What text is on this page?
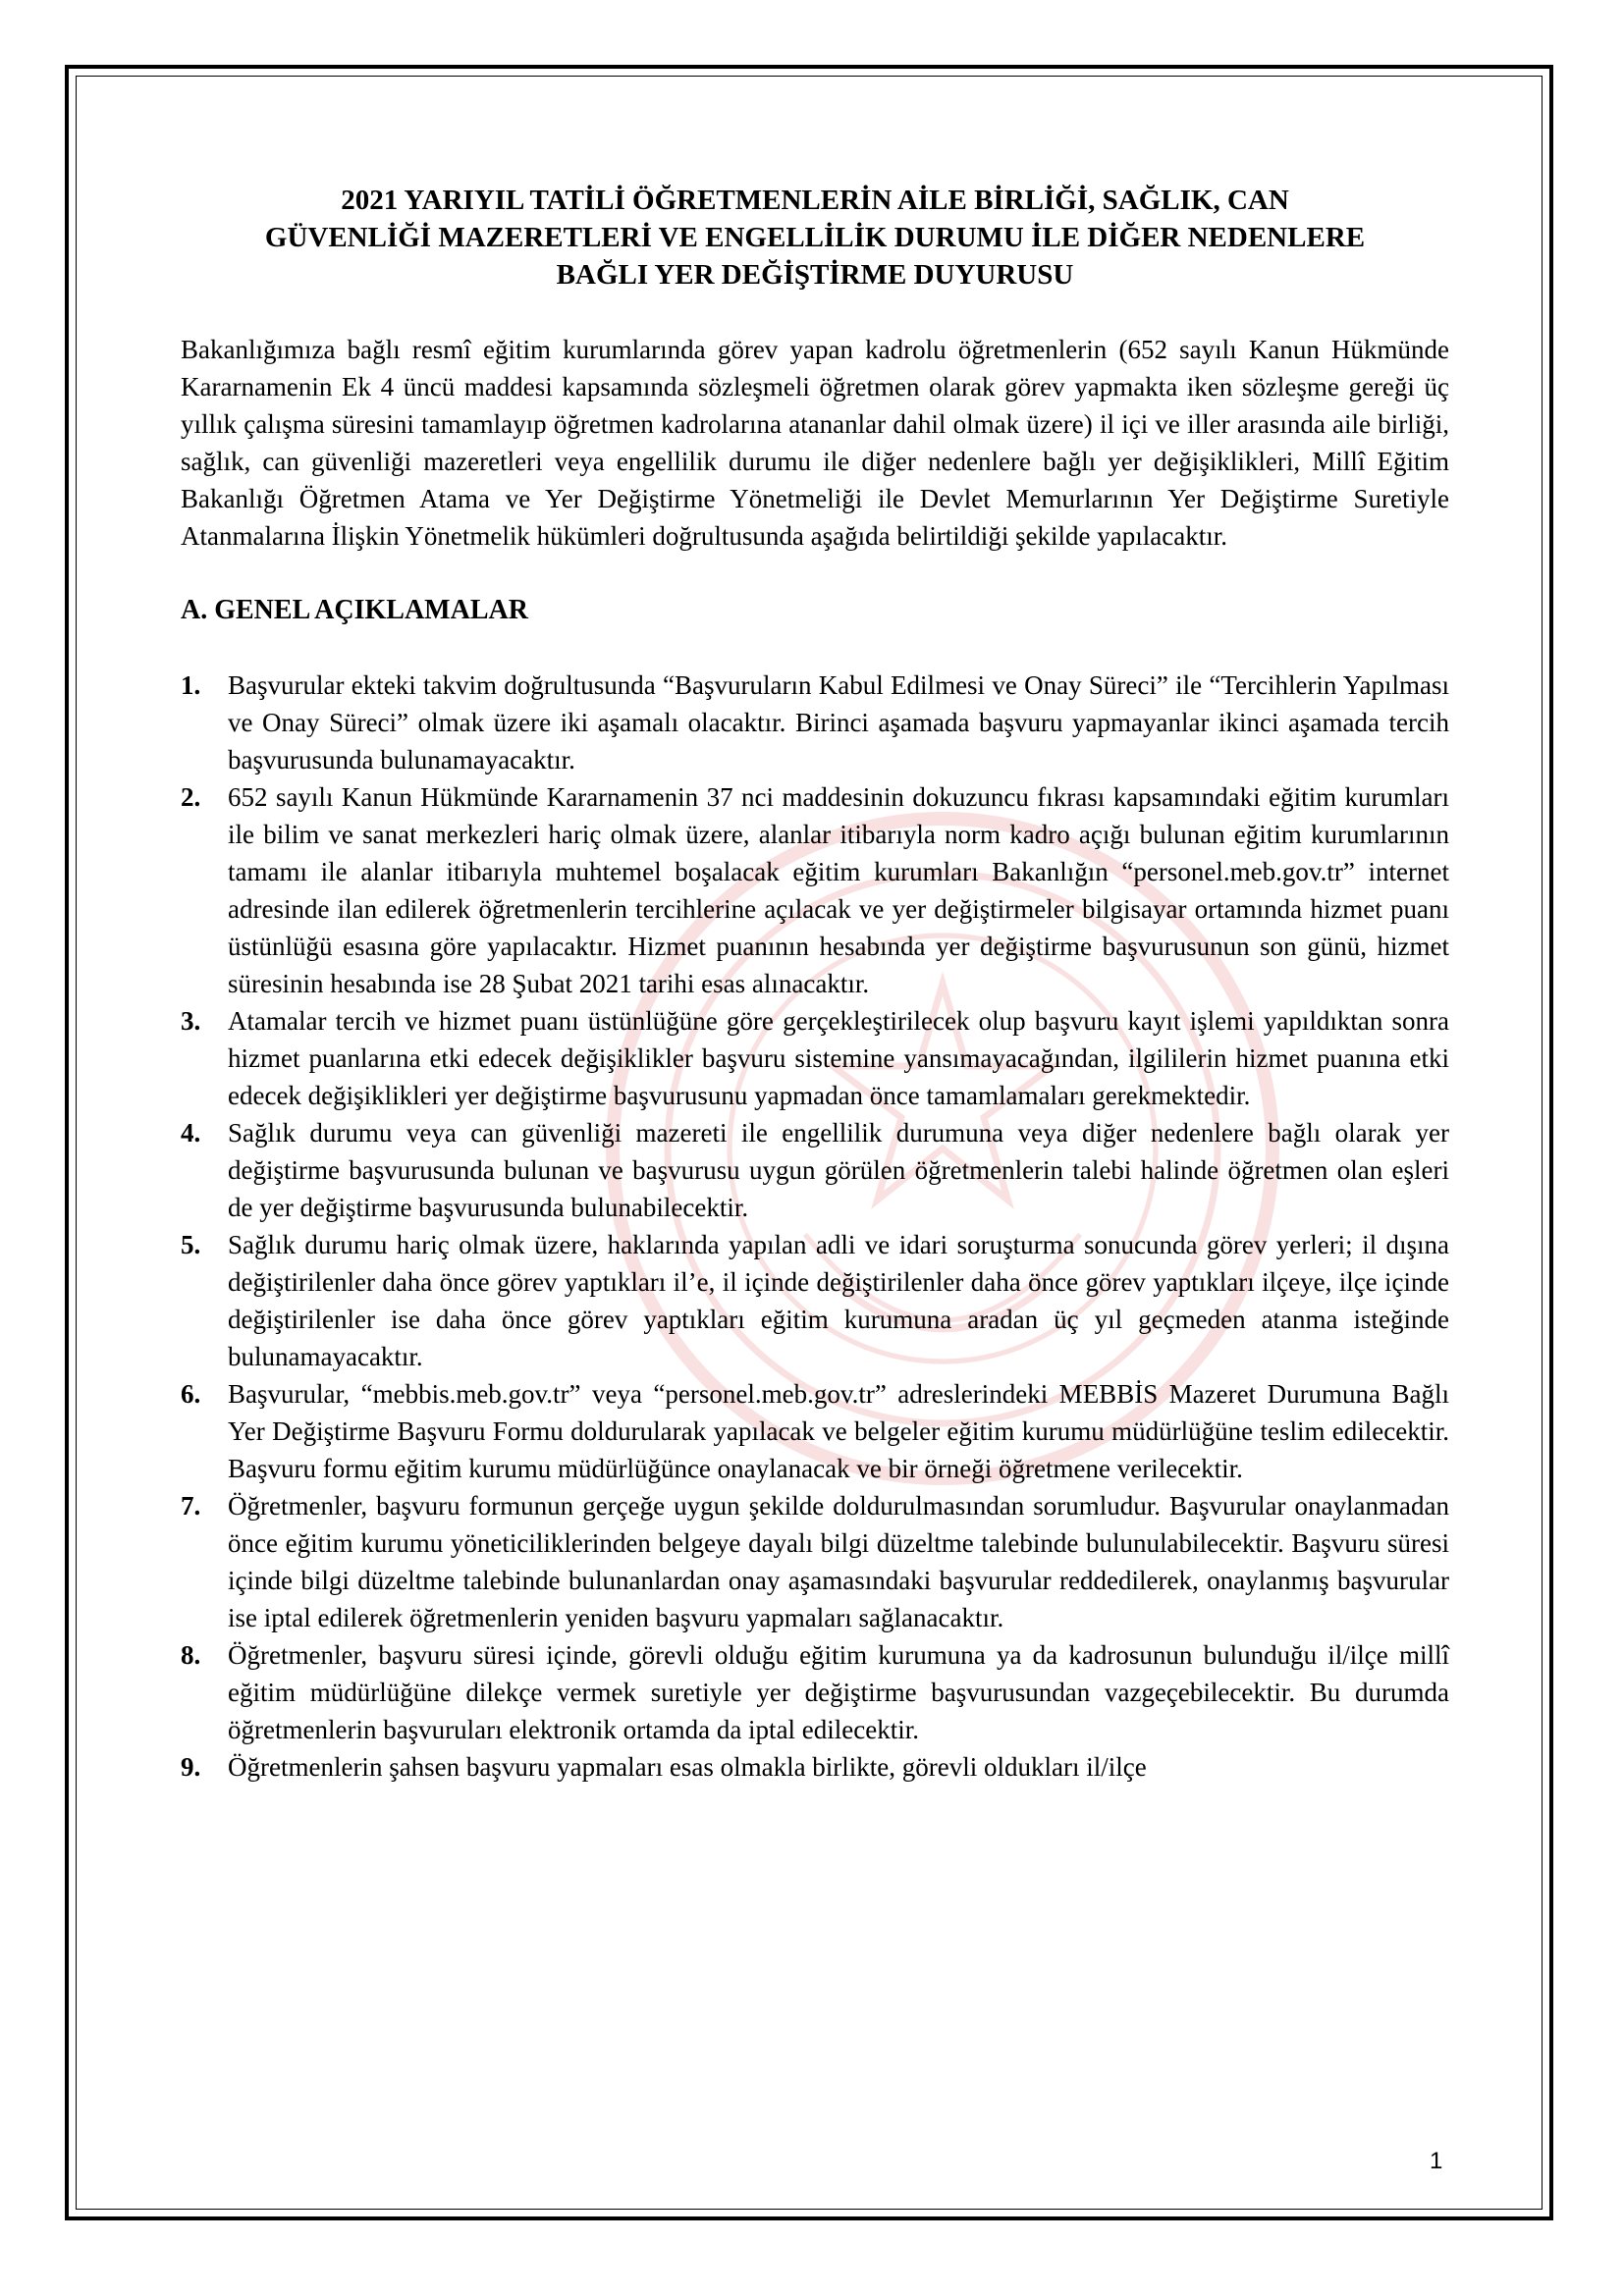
2021 YARIYIL TATİLİ ÖĞRETMENLERİN AİLE BİRLİĞİ, SAĞLIK, CAN
GÜVENLİĞİ MAZERETLERİ VE ENGELLİLİK DURUMU İLE DİĞER NEDENLERE
BAĞLI YER DEĞİŞTİRME DUYURUSU

Bakanlığımıza bağlı resmî eğitim kurumlarında görev yapan kadrolu öğretmenlerin (652 sayılı Kanun Hükmünde Kararnamenin Ek 4 üncü maddesi kapsamında sözleşmeli öğretmen olarak görev yapmakta iken sözleşme gereği üç yıllık çalışma süresini tamamlayıp öğretmen kadrolarına atananlar dahil olmak üzere) il içi ve iller arasında aile birliği, sağlık, can güvenliği mazeretleri veya engellilik durumu ile diğer nedenlere bağlı yer değişiklikleri, Millî Eğitim Bakanlığı Öğretmen Atama ve Yer Değiştirme Yönetmeliği ile Devlet Memurlarının Yer Değiştirme Suretiyle Atanmalarına İlişkin Yönetmelik hükümleri doğrultusunda aşağıda belirtildiği şekilde yapılacaktır.

A. GENEL AÇIKLAMALAR
1. Başvurular ekteki takvim doğrultusunda “Başvuruların Kabul Edilmesi ve Onay Süreci” ile “Tercihlerin Yapılması ve Onay Süreci” olmak üzere iki aşamalı olacaktır. Birinci aşamada başvuru yapmayanlar ikinci aşamada tercih başvurusunda bulunamayacaktır.
2. 652 sayılı Kanun Hükmünde Kararnamenin 37 nci maddesinin dokuzuncu fıkrası kapsamındaki eğitim kurumları ile bilim ve sanat merkezleri hariç olmak üzere, alanlar itibarıyla norm kadro açığı bulunan eğitim kurumlarının tamamı ile alanlar itibarıyla muhtemel boşalacak eğitim kurumları Bakanlığın “personel.meb.gov.tr” internet adresinde ilan edilerek öğretmenlerin tercihlerine açılacak ve yer değiştirmeler bilgisayar ortamında hizmet puanı üstünlüğü esasına göre yapılacaktır. Hizmet puanının hesabında yer değiştirme başvurusunun son günü, hizmet süresinin hesabında ise 28 Şubat 2021 tarihi esas alınacaktır.
3. Atamalar tercih ve hizmet puanı üstünlüğüne göre gerçekleştirilecek olup başvuru kayıt işlemi yapıldıktan sonra hizmet puanlarına etki edecek değişiklikler başvuru sistemine yansımayacağından, ilgililerin hizmet puanına etki edecek değişiklikleri yer değiştirme başvurusunu yapmadan önce tamamlamaları gerekmektedir.
4. Sağlık durumu veya can güvenliği mazereti ile engellilik durumuna veya diğer nedenlere bağlı olarak yer değiştirme başvurusunda bulunan ve başvurusu uygun görülen öğretmenlerin talebi halinde öğretmen olan eşleri de yer değiştirme başvurusunda bulunabilecektir.
5. Sağlık durumu hariç olmak üzere, haklarında yapılan adli ve idari soruşturma sonucunda görev yerleri; il dışına değiştirilenler daha önce görev yaptıkları il’e, il içinde değiştirilenler daha önce görev yaptıkları ilçeye, ilçe içinde değiştirilenler ise daha önce görev yaptıkları eğitim kurumuna aradan üç yıl geçmeden atanma isteğinde bulunamayacaktır.
6. Başvurular, “mebbis.meb.gov.tr” veya “personel.meb.gov.tr” adreslerindeki MEBBİS Mazeret Durumuna Bağlı Yer Değiştirme Başvuru Formu doldurularak yapılacak ve belgeler eğitim kurumu müdürlüğüne teslim edilecektir. Başvuru formu eğitim kurumu müdürlüğünce onaylanacak ve bir örneği öğretmene verilecektir.
7. Öğretmenler, başvuru formunun gerçeğe uygun şekilde doldurulmasından sorumludur. Başvurular onaylanmadan önce eğitim kurumu yöneticiliklerinden belgeye dayalı bilgi düzeltme talebinde bulunulabilecektir. Başvuru süresi içinde bilgi düzeltme talebinde bulunanlardan onay aşamasındaki başvurular reddedilerek, onaylanmış başvurular ise iptal edilerek öğretmenlerin yeniden başvuru yapmaları sağlanacaktır.
8. Öğretmenler, başvuru süresi içinde, görevli olduğu eğitim kurumuna ya da kadrosunun bulunduğu il/ilçe millî eğitim müdürlüğüne dilekçe vermek suretiyle yer değiştirme başvurusundan vazgeçebilecektir. Bu durumda öğretmenlerin başvuruları elektronik ortamda da iptal edilecektir.
9. Öğretmenlerin şahsen başvuru yapmaları esas olmakla birlikte, görevli oldukları il/ilçe
1
